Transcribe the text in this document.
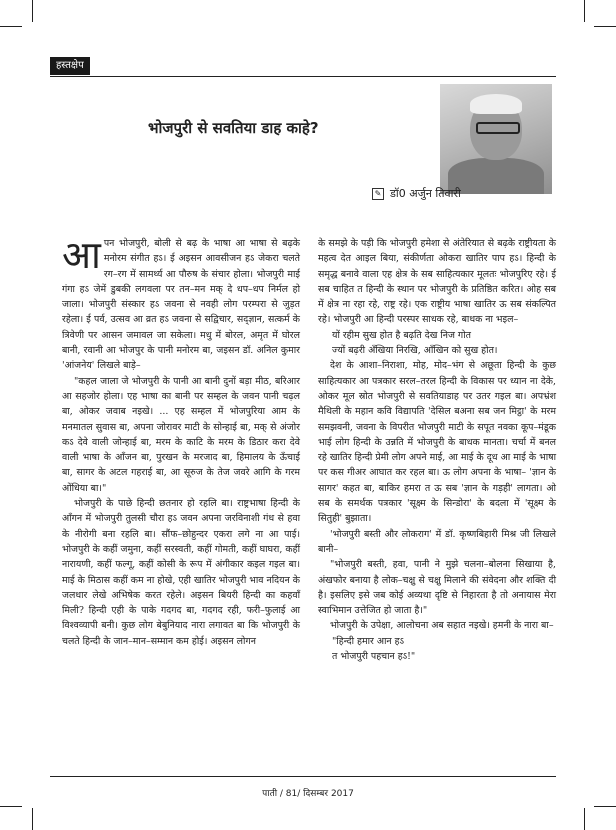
हस्तक्षेप
भोजपुरी से सवतिया डाह काहे?
✎ डॉ0 अर्जुन तिवारी

आपन भोजपुरी, बोली से बढ़ के भाषा आ भाषा से बढ़के मनोरम संगीत हऽ। ई अइसन आवसीजन हऽ जेकरा चलते रग–रग में सामर्थ्य आ पौरुष के संचार होला। भोजपुरी माई गंगा हऽ जेमें डुबकी लगवला पर तन–मन मक् दे धप–धप निर्मल हो जाला। भोजपुरी संस्कार हऽ जवना से नवही लोग परम्परा से जुड़त रहेला। ई पर्व, उत्सव आ व्रत हऽ जवना से सद्विचार, सद्ज्ञान, सत्कर्म के त्रिवेणी पर आसन जमावल जा सकेला। मधु में बोरल, अमृत में घोरल बानी, रवानी आ भोजपुर के पानी मनोरम बा, जइसन डॉ. अनिल कुमार 'आंजनेय' लिखले बाड़े–

"कहल जाला जे भोजपुरी के पानी आ बानी दुनों बड़ा मीठ, बरिआर आ सहजोर होला। एह भाषा का बानी पर सम्हल के जवन पानी चढ़ल बा, ओकर जवाब नइखे। ... एह सम्हल में भोजपुरिया आम के मनमातल सुवास बा, अपना जोरावर माटी के सोन्हाई बा, मक् से अंजोर कऽ देवे वाली जोन्हाई बा, मरम के काटि के मरम के डिठार करा देवे वाली भाषा के आँजन बा, पुरखन के मरजाद बा, हिमालय के ऊँचाई बा, सागर के अटल गहराई बा, आ सूरुज के तेज जवरे आगि के गरम ओंधिया बा।"

भोजपुरी के पाछे हिन्दी छतनार हो रहलि बा। राष्ट्रभाषा हिन्दी के आँगन में भोजपुरी तुलसी चौरा हऽ जवन अपना जरविनाशी गंध से हवा के नीरोगी बना रहलि बा। सौंफ–छोहुन्दर एकरा लगे ना आ पाई। भोजपुरी के कहीं जमुना, कहीं सरस्वती, कहीं गोमती, कहीं घाघरा, कहीं नारायणी, कहीं फल्गू, कहीं कोसी के रूप में अंगीकार कइल गइल बा। माई के मिठास कहीं कम ना होखे, एही खातिर भोजपुरी भाव नदियन के जलधार लेखे अभिषेक करत रहेले। अइसन बियरी हिन्दी का कहवाँ मिली? हिन्दी एही के पाके गदगद बा, गदगद रही, फरी–फुलाई आ विश्वव्यापी बनी। कुछ लोग बेबुनियाद नारा लगावत बा कि भोजपुरी के चलते हिन्दी के जान–मान–सम्मान कम होई। अइसन लोगन

के समझे के पड़ी कि भोजपुरी हमेशा से अंतेरियात से बढ़के राष्ट्रीयता के महत्व देत आइल बिया, संकीर्णता ओकरा खातिर पाप हऽ। हिन्दी के समृद्ध बनावे वाला एह क्षेत्र के सब साहित्यकार मूलतः भोजपुरिए रहे। ई सब चाहित त हिन्दी के स्थान पर भोजपुरी के प्रतिष्ठित करित। ओह सब में क्षेत्र ना रहा रहे, राष्ट्र रहे। एक राष्ट्रीय भाषा खातिर ऊ सब संकल्पित रहे। भोजपुरी आ हिन्दी परस्पर साधक रहे, बाधक ना भइल–

यों रहीम सुख होत है बढ़ति देख निज गोत

ज्यों बढ़री अँखिया निरखि, आँखिन को सुख होत।

देश के आशा–निराशा, मोह, मोद–भंग से अछूता हिन्दी के कुछ साहित्यकार आ पत्रकार सरल–तरल हिन्दी के विकास पर ध्यान ना देके, ओकर मूल स्रोत भोजपुरी से सवतियाडाह पर उतर गइल बा। अपभ्रंश मैथिली के महान कवि विद्यापति 'देसिल बअना सब जन मिट्ठा' के मरम समझवनी, जवना के विपरीत भोजपुरी माटी के सपूत नवका कूप–मंडूक भाई लोग हिन्दी के उन्नति में भोजपुरी के बाधक मानता। चर्चा में बनल रहे खातिर हिन्दी प्रेमी लोग अपने माई, आ माई के दूध आ माई के भाषा पर कस गीअर आघात कर रहल बा। ऊ लोग अपना के भाषा– 'ज्ञान के सागर' कहत बा, बाकिर हमरा त ऊ सब 'ज्ञान के गड़ही' लागता। ओ सब के समर्थक पत्रकार 'सूक्ष्म के सिन्डोरा' के बदला में 'सूक्ष्म के सितुही' बुझाता।

'भोजपुरी बस्ती और लोकराग' में डॉ. कृष्णबिहारी मिश्र जी लिखले बानी–

"भोजपुरी बस्ती, हवा, पानी ने मुझे चलना–बोलना सिखाया है, अंखफोर बनाया है लोक–चक्षु से चक्षु मिलाने की संवेदना और शक्ति दी है। इसलिए इसे जब कोई अव्यथा दृष्टि से निहारता है तो अनायास मेरा स्वाभिमान उत्तेजित हो जाता है।"

भोजपुरी के उपेक्षा, आलोचना अब सहात नइखे। हमनी के नारा बा–

"हिन्दी हमार आन हऽ

त भोजपुरी पहचान हऽ!"

पाती / 81/ दिसम्बर 2017
